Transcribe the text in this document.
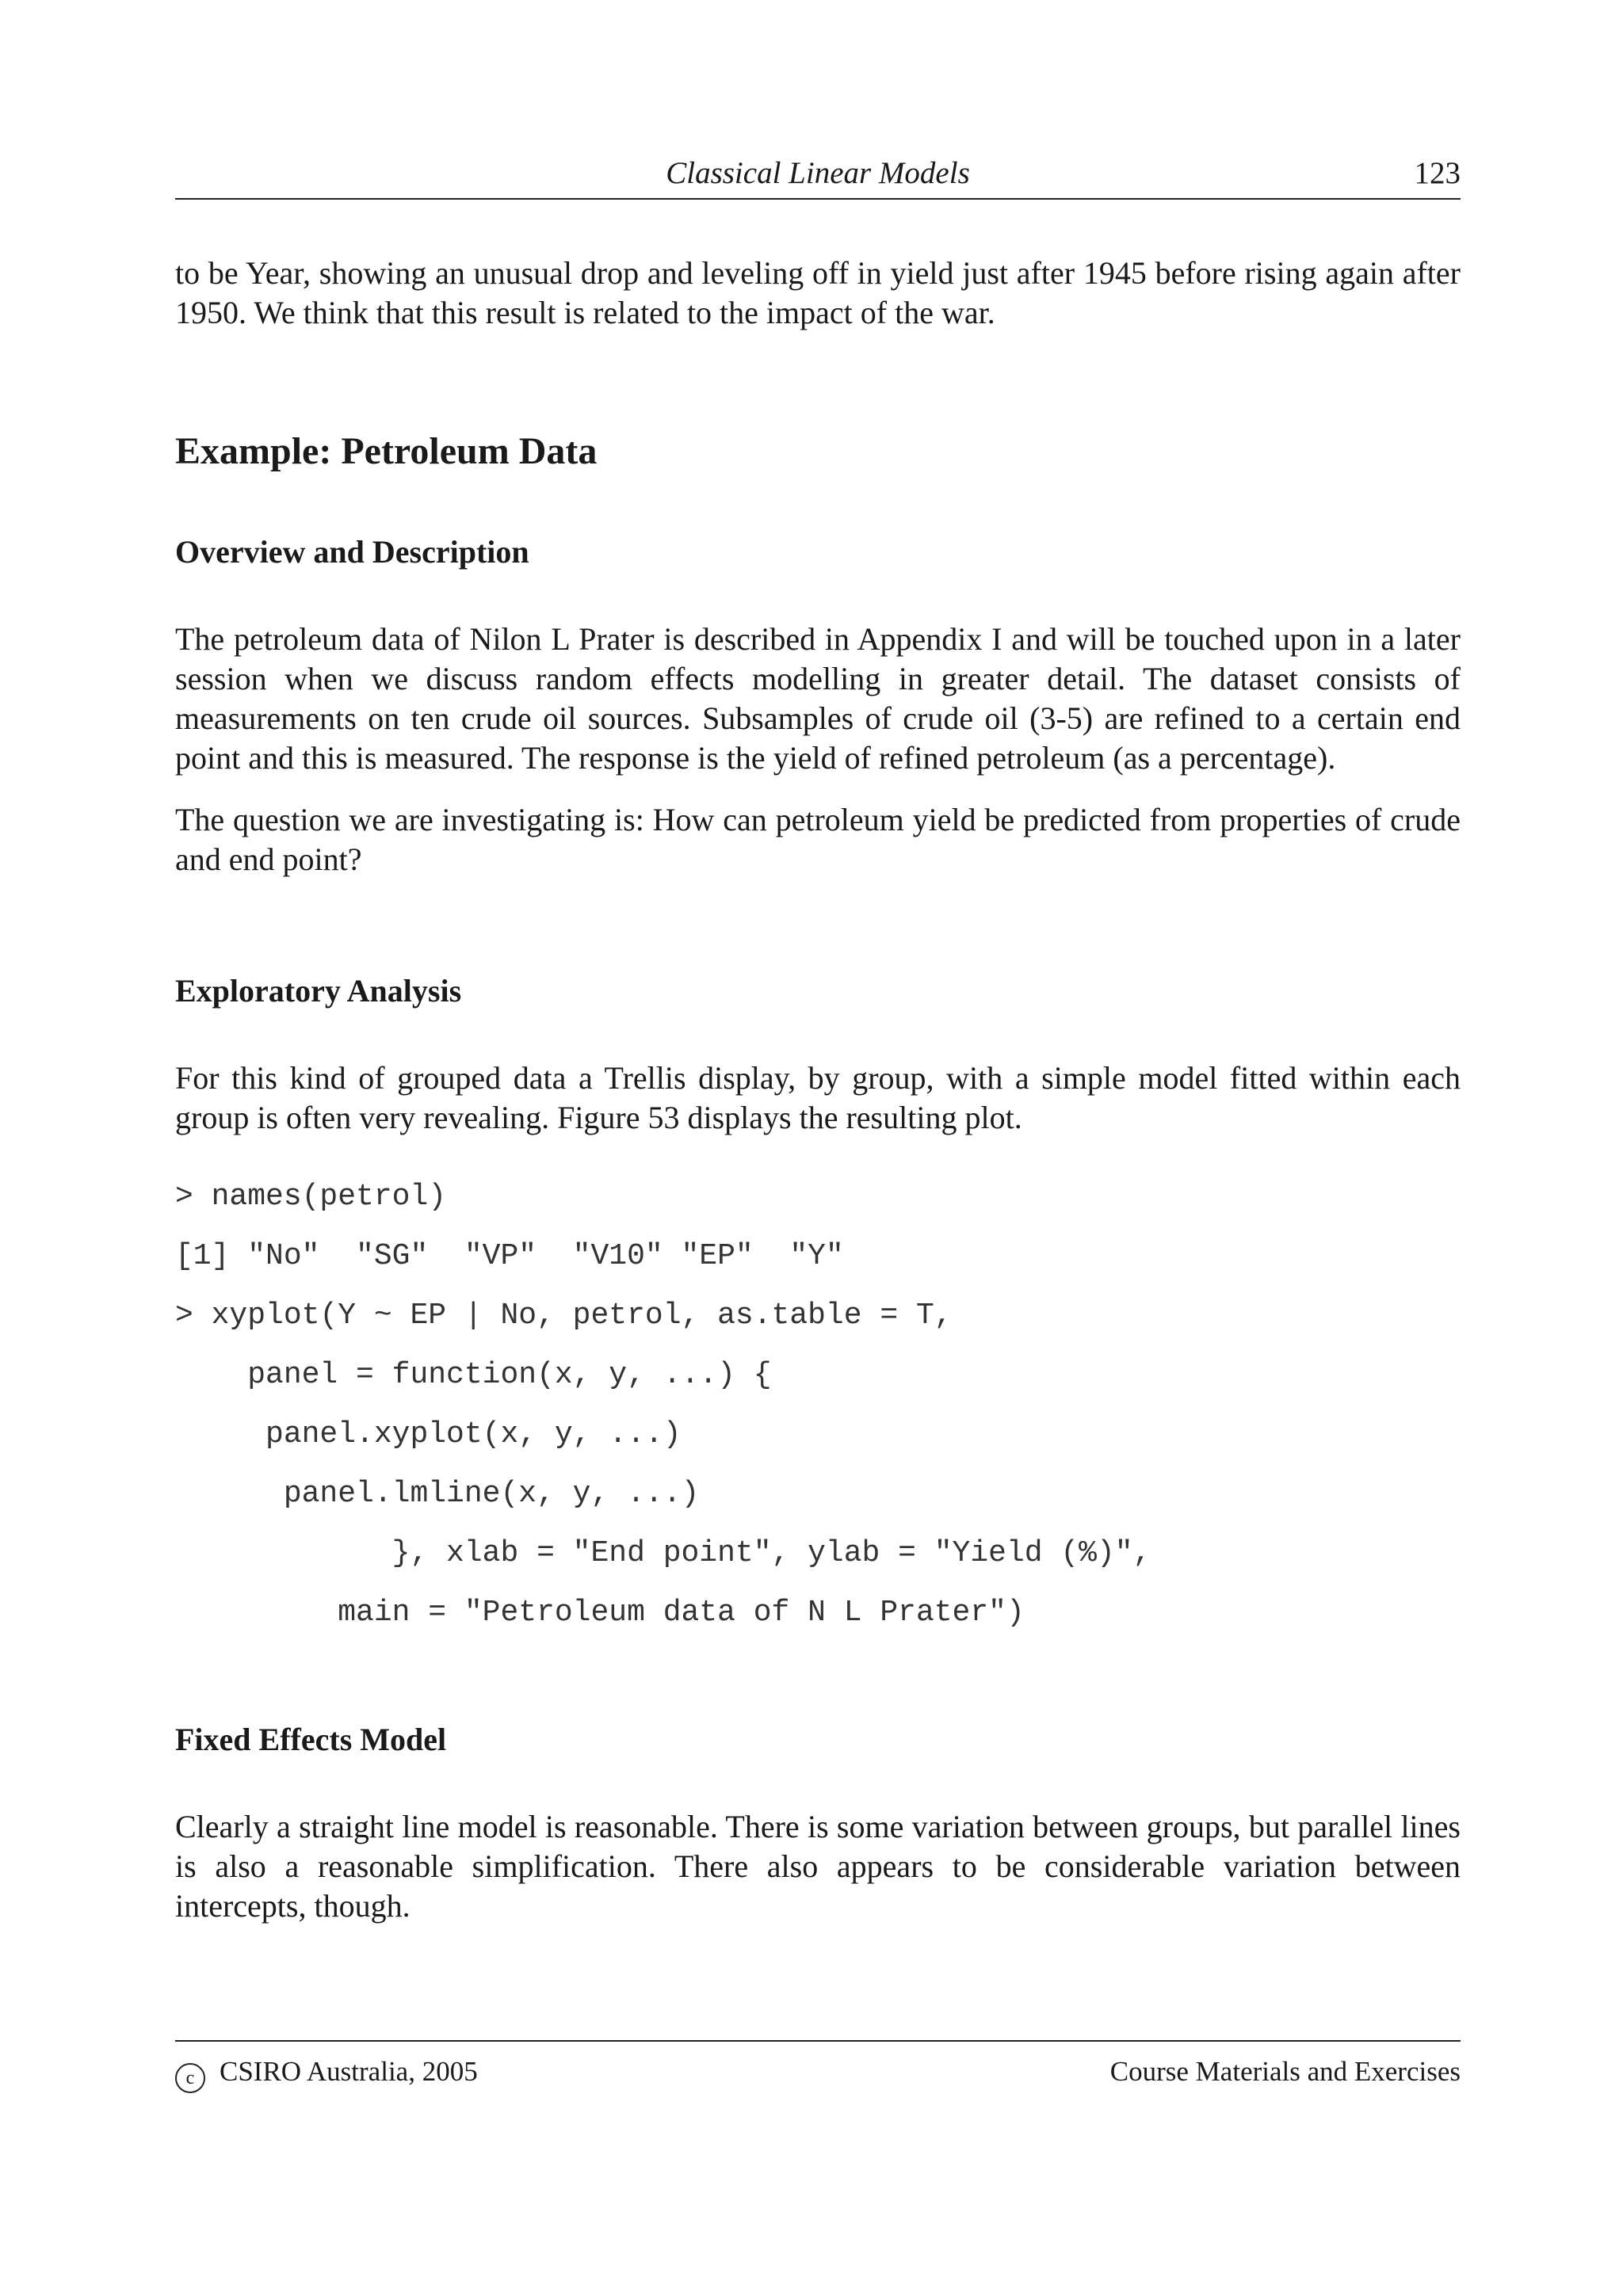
Classical Linear Models	123

to be Year, showing an unusual drop and leveling off in yield just after 1945 before rising again after 1950. We think that this result is related to the impact of the war.

Example: Petroleum Data
Overview and Description

The petroleum data of Nilon L Prater is described in Appendix I and will be touched upon in a later session when we discuss random effects modelling in greater detail. The dataset consists of measurements on ten crude oil sources. Subsamples of crude oil (3-5) are refined to a certain end point and this is measured. The response is the yield of refined petroleum (as a percentage).

The question we are investigating is: How can petroleum yield be predicted from properties of crude and end point?

Exploratory Analysis

For this kind of grouped data a Trellis display, by group, with a simple model fitted within each group is often very revealing. Figure 53 displays the resulting plot.

> names(petrol)
[1] "No"  "SG"  "VP"  "V10" "EP"  "Y"
> xyplot(Y ~ EP | No, petrol, as.table = T,
panel = function(x, y, ...) {
panel.xyplot(x, y, ...)
panel.lmline(x, y, ...)
}, xlab = "End point", ylab = "Yield (%)",
main = "Petroleum data of N L Prater")
Fixed Effects Model

Clearly a straight line model is reasonable. There is some variation between groups, but parallel lines is also a reasonable simplification. There also appears to be considerable variation between intercepts, though.

c CSIRO Australia, 2005	Course Materials and Exercises
